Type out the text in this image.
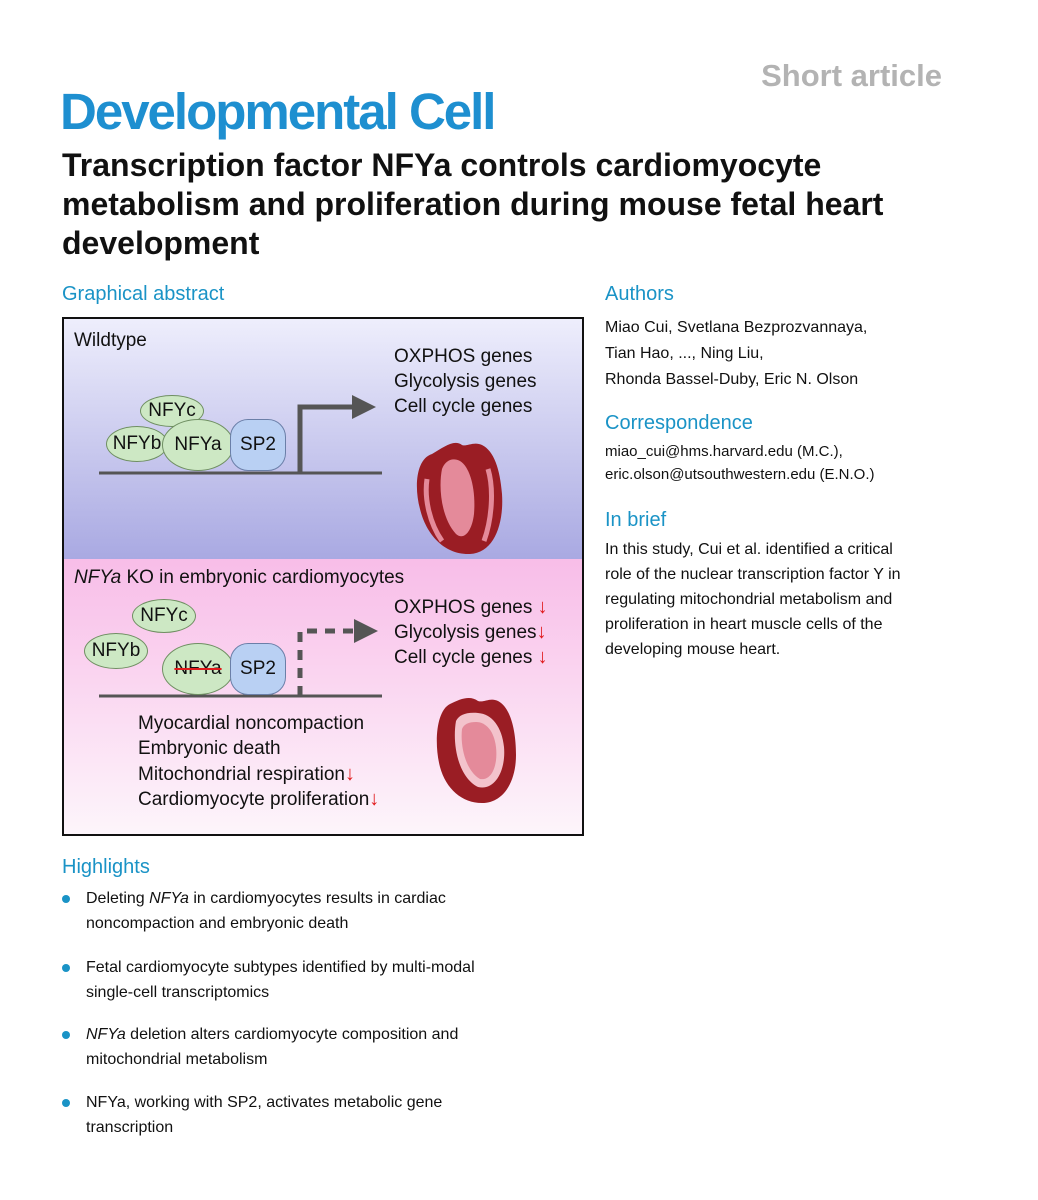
Short article
Developmental Cell
Transcription factor NFYa controls cardiomyocyte metabolism and proliferation during mouse fetal heart development
Graphical abstract
Wildtype
NFYc
NFYb NFYa SP2
OXPHOS genes
Glycolysis genes
Cell cycle genes
NFYa KO in embryonic cardiomyocytes
NFYc
NFYb
NFYa SP2
OXPHOS genes ↓
Glycolysis genes↓
Cell cycle genes ↓
Myocardial noncompaction
Embryonic death
Mitochondrial respiration↓
Cardiomyocyte proliferation↓
Authors
Miao Cui, Svetlana Bezprozvannaya,
Tian Hao, ..., Ning Liu,
Rhonda Bassel-Duby, Eric N. Olson
Correspondence
miao_cui@hms.harvard.edu (M.C.),
eric.olson@utsouthwestern.edu (E.N.O.)
In brief
In this study, Cui et al. identified a critical
role of the nuclear transcription factor Y in
regulating mitochondrial metabolism and
proliferation in heart muscle cells of the
developing mouse heart.
Highlights
Deleting NFYa in cardiomyocytes results in cardiac
noncompaction and embryonic death
Fetal cardiomyocyte subtypes identified by multi-modal
single-cell transcriptomics
NFYa deletion alters cardiomyocyte composition and
mitochondrial metabolism
NFYa, working with SP2, activates metabolic gene
transcription
